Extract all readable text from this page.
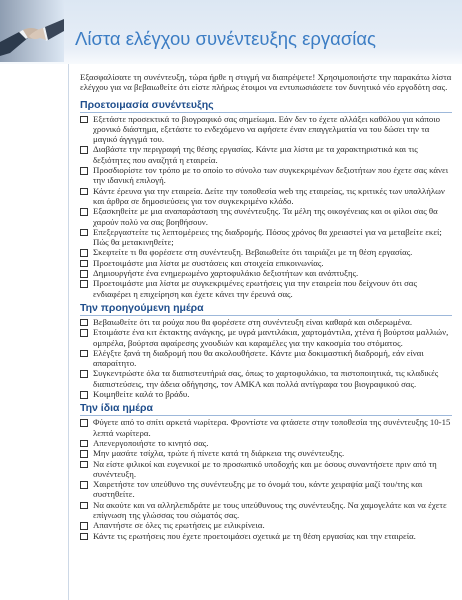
Λίστα ελέγχου συνέντευξης εργασίας

Εξασφαλίσατε τη συνέντευξη, τώρα ήρθε η στιγμή να διαπρέψετε! Χρησιμοποιήστε την παρακάτω λίστα ελέγχου για να βεβαιωθείτε ότι είστε πλήρως έτοιμοι να εντυπωσιάσετε τον δυνητικό νέο εργοδότη σας.

Προετοιμασία συνέντευξης
Εξετάστε προσεκτικά το βιογραφικό σας σημείωμα. Εάν δεν το έχετε αλλάξει καθόλου για κάποιο χρονικό διάστημα, εξετάστε το ενδεχόμενο να αφήσετε έναν επαγγελματία να του δώσει την τα μαγικό άγγιγμά του.
Διαβάστε την περιγραφή της θέσης εργασίας. Κάντε μια λίστα με τα χαρακτηριστικά και τις δεξιότητες που αναζητά η εταιρεία.
Προσδιορίστε τον τρόπο με το οποίο το σύνολο των συγκεκριμένων δεξιοτήτων που έχετε σας κάνει την ιδανική επιλογή.
Κάντε έρευνα για την εταιρεία. Δείτε την τοποθεσία web της εταιρείας, τις κριτικές των υπαλλήλων και άρθρα σε δημοσιεύσεις για τον συγκεκριμένο κλάδο.
Εξασκηθείτε με μια αναπαράσταση της συνέντευξης. Τα μέλη της οικογένειας και οι φίλοι σας θα χαρούν πολύ να σας βοηθήσουν.
Επεξεργαστείτε τις λεπτομέρειες της διαδρομής. Πόσος χρόνος θα χρειαστεί για να μεταβείτε εκεί; Πώς θα μετακινηθείτε;
Σκεφτείτε τι θα φορέσετε στη συνέντευξη. Βεβαιωθείτε ότι ταιριάζει με τη θέση εργασίας.
Προετοιμάστε μια λίστα με συστάσεις και στοιχεία επικοινωνίας.
Δημιουργήστε ένα ενημερωμένο χαρτοφυλάκιο δεξιοτήτων και ανάπτυξης.
Προετοιμάστε μια λίστα με συγκεκριμένες ερωτήσεις για την εταιρεία που δείχνουν ότι σας ενδιαφέρει η επιχείρηση και έχετε κάνει την έρευνά σας.
Την προηγούμενη ημέρα
Βεβαιωθείτε ότι τα ρούχα που θα φορέσετε στη συνέντευξη είναι καθαρά και σιδερωμένα.
Ετοιμάστε ένα κιτ έκτακτης ανάγκης, με υγρά μαντιλάκια, χαρτομάντιλα, χτένα ή βούρτσα μαλλιών, ομπρέλα, βούρτσα αφαίρεσης χνουδιών και καραμέλες για την κακοσμία του στόματος.
Ελέγξτε ξανά τη διαδρομή που θα ακολουθήσετε. Κάντε μια δοκιμαστική διαδρομή, εάν είναι απαραίτητο.
Συγκεντρώστε όλα τα διαπιστευτήριά σας, όπως το χαρτοφυλάκιο, τα πιστοποιητικά, τις κλαδικές διαπιστεύσεις, την άδεια οδήγησης, τον ΑΜΚΑ και πολλά αντίγραφα του βιογραφικού σας.
Κοιμηθείτε καλά το βράδυ.
Την ίδια ημέρα
Φύγετε από το σπίτι αρκετά νωρίτερα. Φροντίστε να φτάσετε στην τοποθεσία της συνέντευξης 10-15 λεπτά νωρίτερα.
Απενεργοποιήστε το κινητό σας.
Μην μασάτε τσίχλα, τρώτε ή πίνετε κατά τη διάρκεια της συνέντευξης.
Να είστε φιλικοί και ευγενικοί με το προσωπικό υποδοχής και με όσους συναντήσετε πριν από τη συνέντευξη.
Χαιρετήστε τον υπεύθυνο της συνέντευξης με το όνομά του, κάντε χειραψία μαζί του/της και συστηθείτε.
Να ακούτε και να αλληλεπιδράτε με τους υπεύθυνους της συνέντευξης. Να χαμογελάτε και να έχετε επίγνωση της γλώσσας του σώματός σας.
Απαντήστε σε όλες τις ερωτήσεις με ειλικρίνεια.
Κάντε τις ερωτήσεις που έχετε προετοιμάσει σχετικά με τη θέση εργασίας και την εταιρεία.
